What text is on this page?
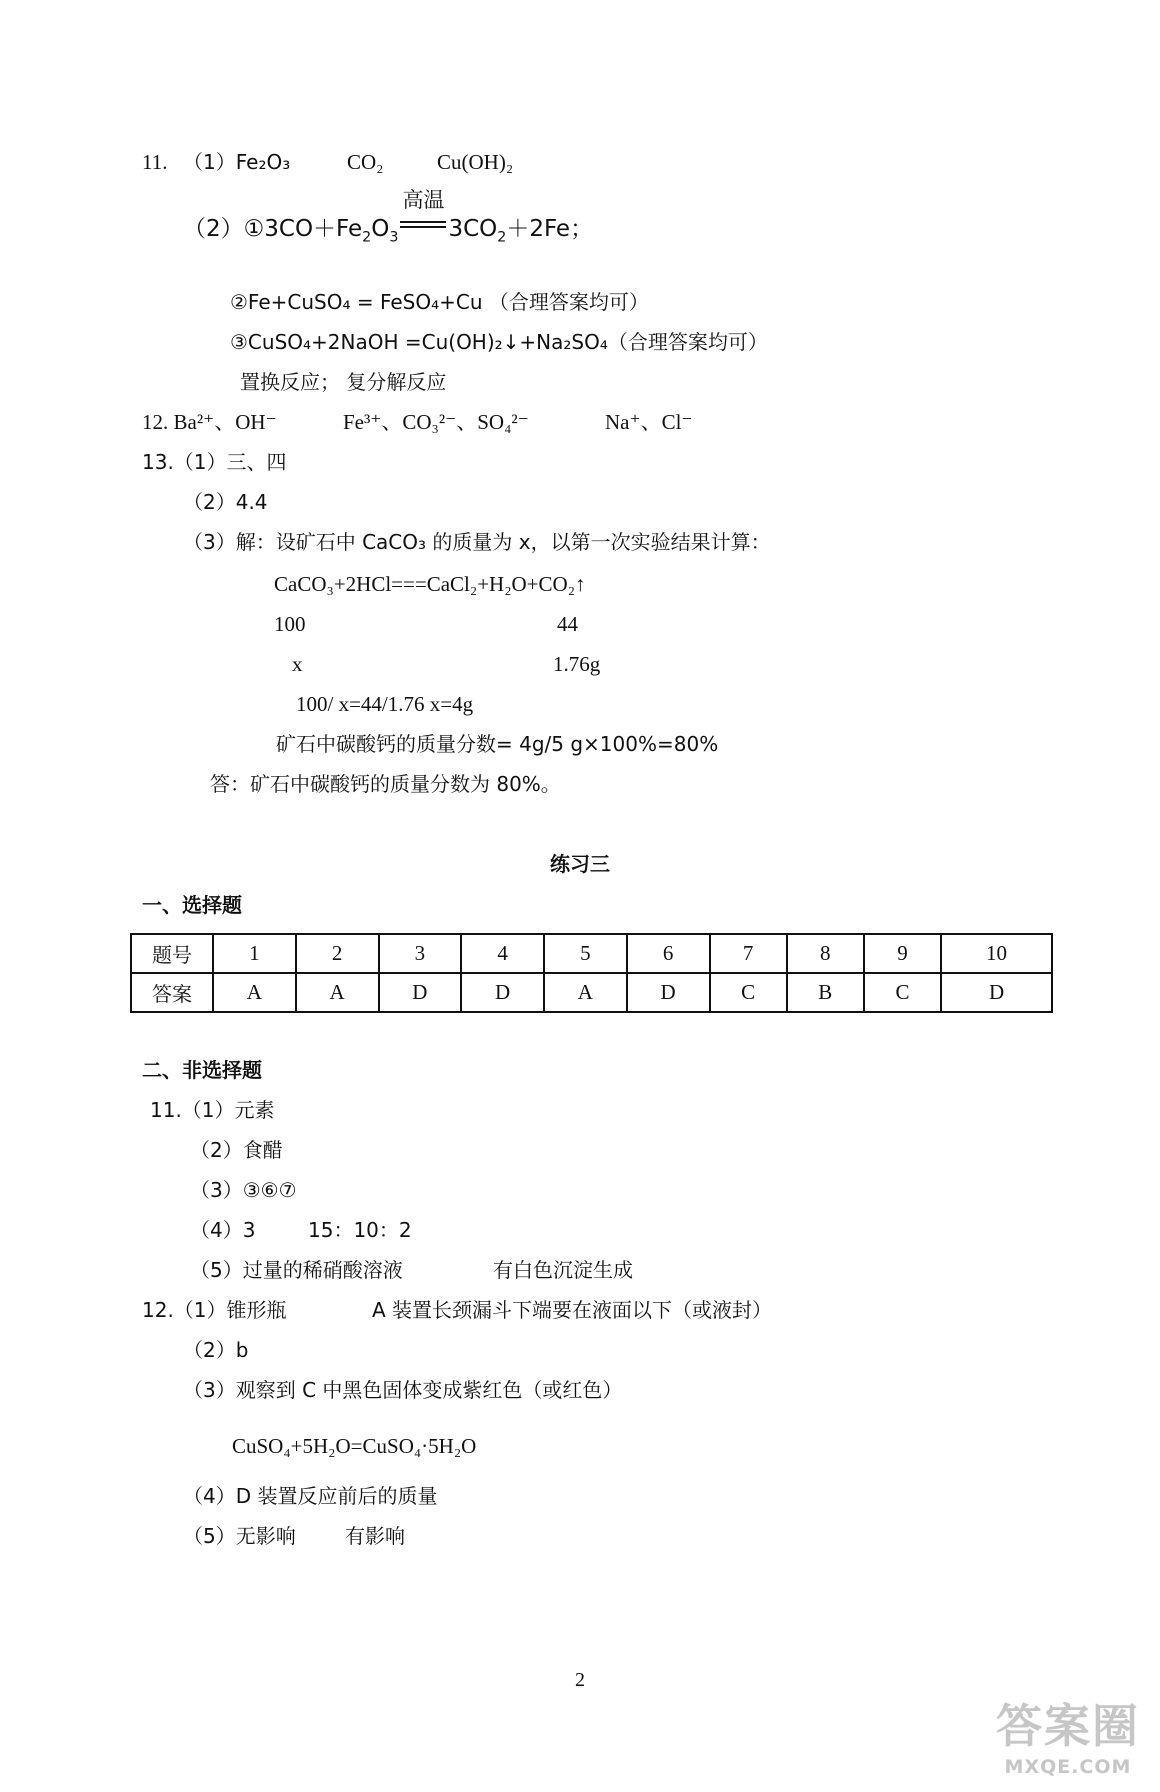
11. （1）Fe₂O₃	CO₂	Cu(OH)₂
$(2)①3CO+Fe_2O_3$
高温
$3CO_2+2Fe$；
②Fe+CuSO₄ = FeSO₄+Cu （合理答案均可）
③CuSO₄+2NaOH =Cu(OH)₂↓+Na₂SO₄（合理答案均可）
置换反应； 复分解反应
12. Ba²⁺、OH⁻	Fe³⁺、CO₃²⁻、SO₄²⁻	Na⁺、Cl⁻
13.（1）三、四
（2）4.4
（3）解：设矿石中 CaCO₃ 的质量为 x，以第一次实验结果计算：
CaCO₃+2HCl===CaCl₂+H₂O+CO₂↑
100	44
x	1.76g
100/ x=44/1.76 x=4g
矿石中碳酸钙的质量分数= 4g/5 g×100%=80%
答：矿石中碳酸钙的质量分数为 80%。
练习三
一、选择题
题号	1	2	3	4	5	6	7	8	9	10
答案	A	A	D	D	A	D	C	B	C	D
二、非选择题
11.（1）元素
（2）食醋
（3）③⑥⑦
（4）3	15：10：2
（5）过量的稀硝酸溶液	有白色沉淀生成
12.（1）锥形瓶	A 装置长颈漏斗下端要在液面以下（或液封）
（2）b
（3）观察到 C 中黑色固体变成紫红色（或红色）
CuSO₄+5H₂O=CuSO₄·5H₂O
（4）D 装置反应前后的质量
（5）无影响 有影响
2
答案圈
MXQE.COM
